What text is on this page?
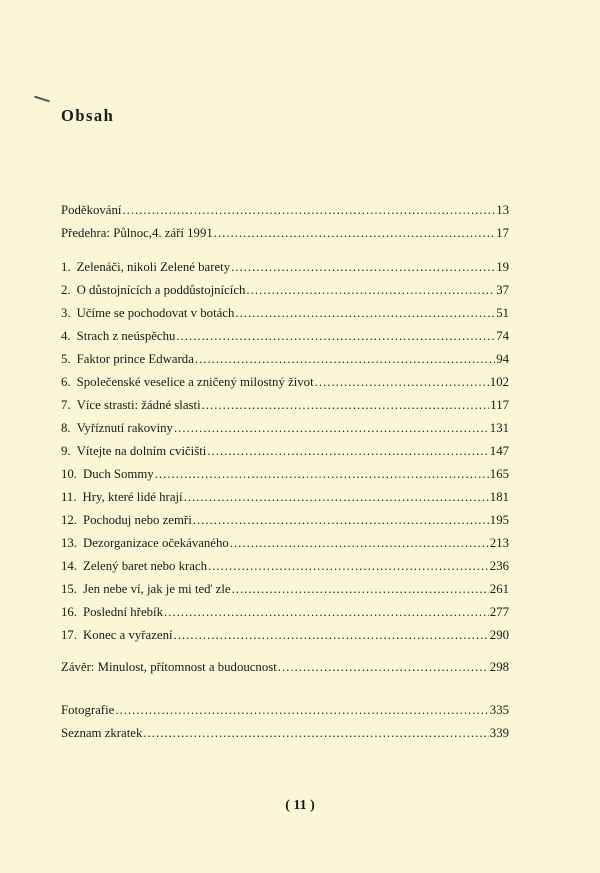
Obsah
Poděkování .....	13
Předehra: Půlnoc,4. září 1991 .....	17
1. Zelenáči, nikoli Zelené barety .....	19
2. O důstojnících a poddůstojnících .....	37
3. Učíme se pochodovat v botách .....	51
4. Strach z neúspěchu .....	74
5. Faktor prince Edwarda .....	94
6. Společenské veselice a zničený milostný život .....	102
7. Více strasti: žádné slasti .....	117
8. Vyříznutí rakoviny .....	131
9. Vítejte na dolním cvičišti .....	147
10. Duch Sommy .....	165
11. Hry, které lidé hrají .....	181
12. Pochoduj nebo zemři .....	195
13. Dezorganizace očekávaného .....	213
14. Zelený baret nebo krach .....	236
15. Jen nebe ví, jak je mi teď zle .....	261
16. Poslední hřebík .....	277
17. Konec a vyřazení .....	290
Závěr: Minulost, přítomnost a budoucnost .....	298
Fotografie .....	335
Seznam zkratek .....	339
( 11 )
